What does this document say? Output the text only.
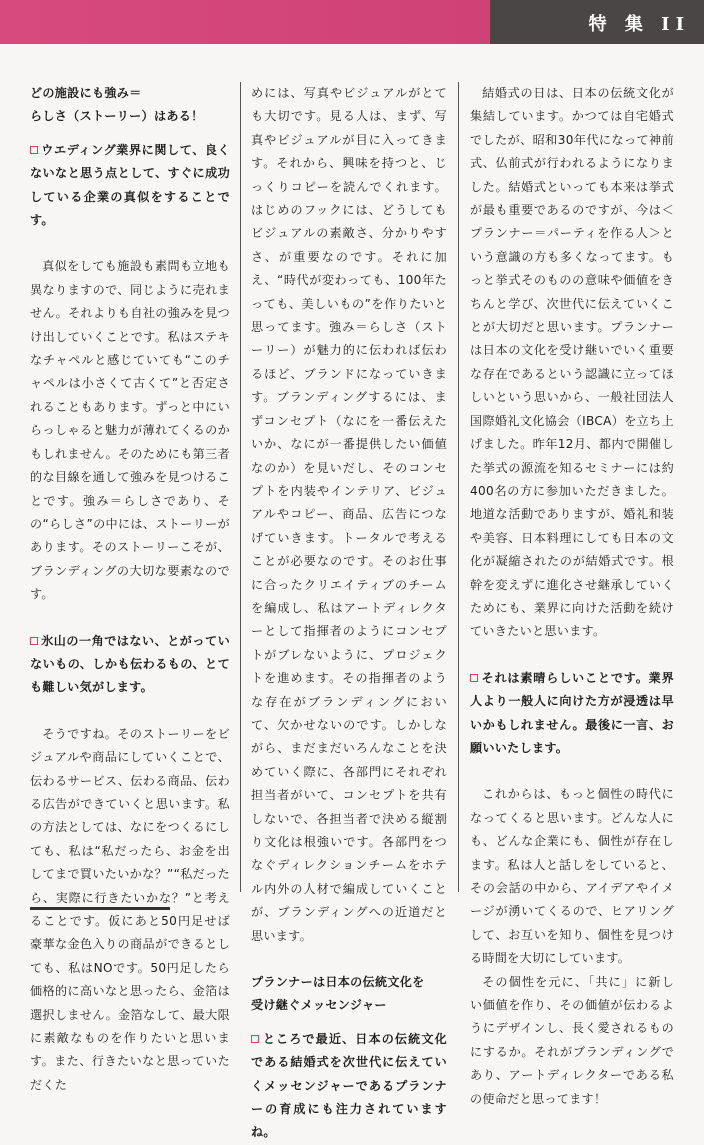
特 集 II

どの施設にも強み＝

らしさ（ストーリー）はある！

ウエディング業界に関して、良くないなと思う点として、すぐに成功している企業の真似をすることです。

真似をしても施設も素問も立地も異なりますので、同じように売れません。それよりも自社の強みを見つけ出していくことです。私はステキなチャペルと感じていても“このチャペルは小さくて古くて”と否定されることもあります。ずっと中にいらっしゃると魅力が薄れてくるのかもしれません。そのためにも第三者的な目線を通して強みを見つけることです。強み＝らしさであり、その“らしさ”の中には、ストーリーがあります。そのストーリーこそが、ブランディングの大切な要素なのです。

氷山の一角ではない、とがっていないもの、しかも伝わるもの、とても難しい気がします。

そうですね。そのストーリーをビジュアルや商品にしていくことで、伝わるサービス、伝わる商品、伝わる広告ができていくと思います。私の方法としては、なにをつくるにしても、私は“私だったら、お金を出してまで買いたいかな？”“私だったら、実際に行きたいかな？”と考えることです。仮にあと50円足せば豪華な金色入りの商品ができるとしても、私はNOです。50円足したら価格的に高いなと思ったら、金箔は選択しません。金箔なして、最大限に素敵なものを作りたいと思います。また、行きたいなと思っていただくた

めには、写真やビジュアルがとても大切です。見る人は、まず、写真やビジュアルが目に入ってきます。それから、興味を持つと、じっくりコピーを読んでくれます。はじめのフックには、どうしてもビジュアルの素敵さ、分かりやすさ、が重要なのです。それに加え、“時代が変わっても、100年たっても、美しいもの”を作りたいと思ってます。強み＝らしさ（ストーリー）が魅力的に伝われば伝わるほど、ブランドになっていきます。ブランディングするには、まずコンセプト（なにを一番伝えたいか、なにが一番提供したい価値なのか）を見いだし、そのコンセプトを内装やインテリア、ビジュアルやコピー、商品、広告につなげていきます。トータルで考えることが必要なのです。そのお仕事に合ったクリエイティブのチームを編成し、私はアートディレクターとして指揮者のようにコンセプトがブレないように、プロジェクトを進めます。その指揮者のような存在がブランディングにおいて、欠かせないのです。しかしながら、まだまだいろんなことを決めていく際に、各部門にそれぞれ担当者がいて、コンセプトを共有しないで、各担当者で決める縦割り文化は根強いです。各部門をつなぐディレクションチームをホテル内外の人材で編成していくことが、ブランディングへの近道だと思います。

プランナーは日本の伝統文化を

受け継ぐメッセンジャー

ところで最近、日本の伝統文化である結婚式を次世代に伝えていくメッセンジャーであるプランナーの育成にも注力されていますね。

結婚式の日は、日本の伝統文化が集結しています。かつては自宅婚式でしたが、昭和30年代になって神前式、仏前式が行われるようになりました。結婚式といっても本来は挙式が最も重要であるのですが、今は＜プランナー＝パーティを作る人＞という意識の方も多くなってます。もっと挙式そのものの意味や価値をきちんと学び、次世代に伝えていくことが大切だと思います。プランナーは日本の文化を受け継いでいく重要な存在であるという認識に立ってほしいという思いから、一般社団法人 国際婚礼文化協会（IBCA）を立ち上げました。昨年12月、都内で開催した挙式の源流を知るセミナーには約400名の方に参加いただきました。地道な活動でありますが、婚礼和装や美容、日本料理にしても日本の文化が凝縮されたのが結婚式です。根幹を変えずに進化させ継承していくためにも、業界に向けた活動を続けていきたいと思います。

それは素晴らしいことです。業界人より一般人に向けた方が浸透は早いかもしれません。最後に一言、お願いいたします。

これからは、もっと個性の時代になってくると思います。どんな人にも、どんな企業にも、個性が存在します。私は人と話しをしていると、その会話の中から、アイデアやイメージが湧いてくるので、ヒアリングして、お互いを知り、個性を見つける時間を大切にしています。

その個性を元に、「共に」に新しい価値を作り、その価値が伝わるようにデザインし、長く愛されるものにするか。それがブランディングであり、アートディレクターである私の使命だと思ってます！
